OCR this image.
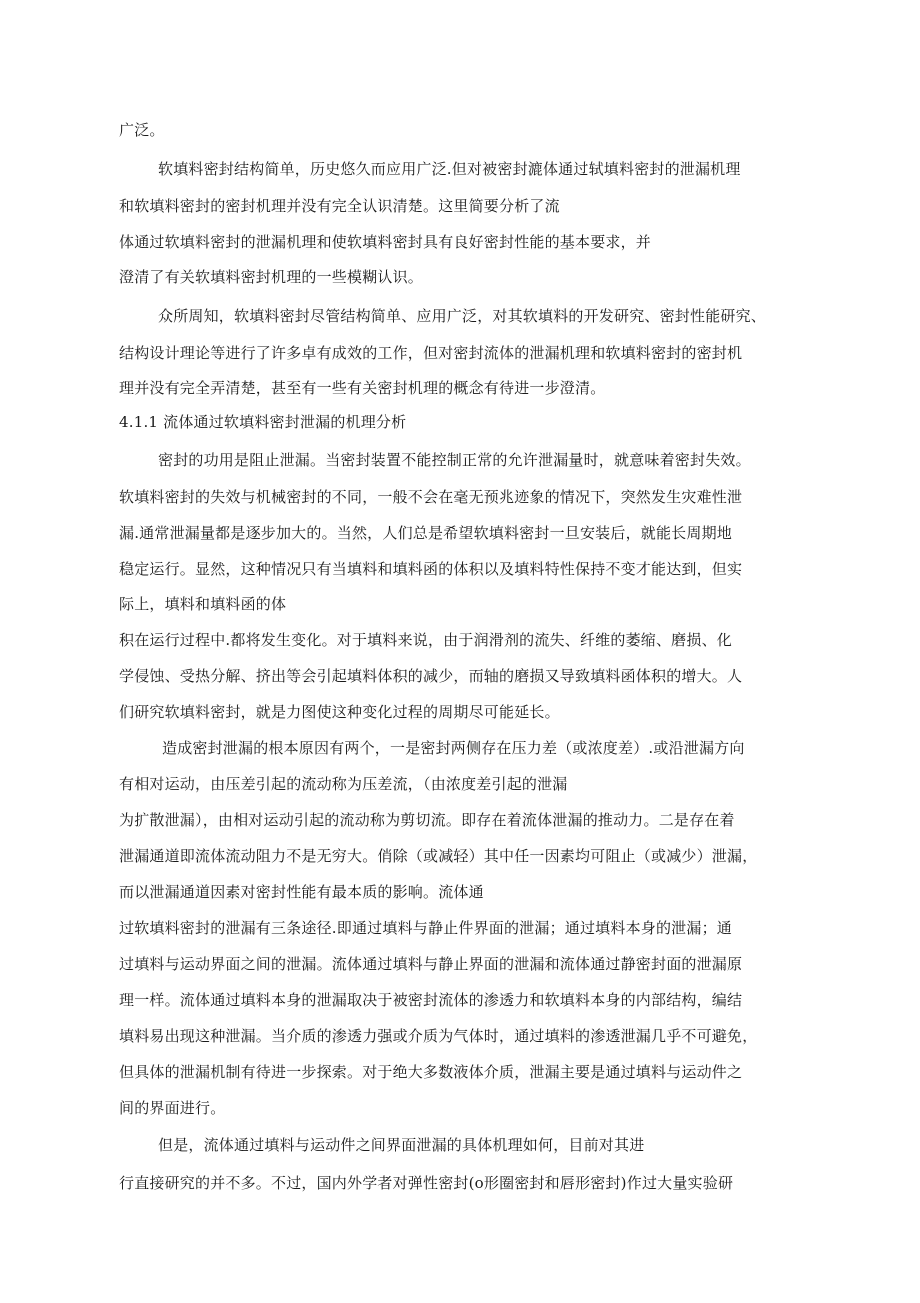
广泛。
软填料密封结构简单，历史悠久而应用广泛.但对被密封漉体通过轼填料密封的泄漏机理
和软填料密封的密封机理并没有完全认识清楚。这里简要分析了流
体通过软填料密封的泄漏机理和使软填料密封具有良好密封性能的基本要求，并
澄清了有关软填料密封机理的一些模糊认识。
众所周知，软填料密封尽管结构简单、应用广泛，对其软填料的开发研究、密封性能研究、
结构设计理论等进行了许多卓有成效的工作，但对密封流体的泄漏机理和软填料密封的密封机
理并没有完全弄清楚，甚至有一些有关密封机理的概念有待进一步澄清。
4.1.1 流体通过软填料密封泄漏的机理分析
密封的功用是阻止泄漏。当密封装置不能控制正常的允许泄漏量时，就意味着密封失效。
软填料密封的失效与机械密封的不同，一般不会在毫无预兆迹象的情况下，突然发生灾难性泄
漏.通常泄漏量都是逐步加大的。当然，人们总是希望软填料密封一旦安装后，就能长周期地
稳定运行。显然，这种情况只有当填料和填料函的体积以及填料特性保持不变才能达到，但实
际上，填料和填料函的体
积在运行过程中.都将发生变化。对于填料来说，由于润滑剂的流失、纤维的萎缩、磨损、化
学侵蚀、受热分解、挤出等会引起填料体积的减少，而轴的磨损又导致填料函体积的增大。人
们研究软填料密封，就是力图使这种变化过程的周期尽可能延长。
造成密封泄漏的根本原因有两个，一是密封两侧存在压力差（或浓度差）.或沿泄漏方向
有相对运动，由压差引起的流动称为压差流，（由浓度差引起的泄漏
为扩散泄漏），由相对运动引起的流动称为剪切流。即存在着流体泄漏的推动力。二是存在着
泄漏通道即流体流动阻力不是无穷大。俏除（或减轻）其中任一因素均可阻止（或减少）泄漏，
而以泄漏通道因素对密封性能有最本质的影响。流体通
过软填料密封的泄漏有三条途径.即通过填料与静止件界面的泄漏；通过填料本身的泄漏；通
过填料与运动界面之间的泄漏。流体通过填料与静止界面的泄漏和流体通过静密封面的泄漏原
理一样。流体通过填料本身的泄漏取决于被密封流体的渗透力和软填料本身的内部结构，编结
填料易出现这种泄漏。当介质的渗透力强或介质为气体时，通过填料的渗透泄漏几乎不可避免，
但具体的泄漏机制有待进一步探索。对于绝大多数液体介质，泄漏主要是通过填料与运动件之
间的界面进行。
但是，流体通过填料与运动件之间界面泄漏的具体机理如何，目前对其进
行直接研究的并不多。不过，国内外学者对弹性密封(o形圈密封和唇形密封)作过大量实验研
